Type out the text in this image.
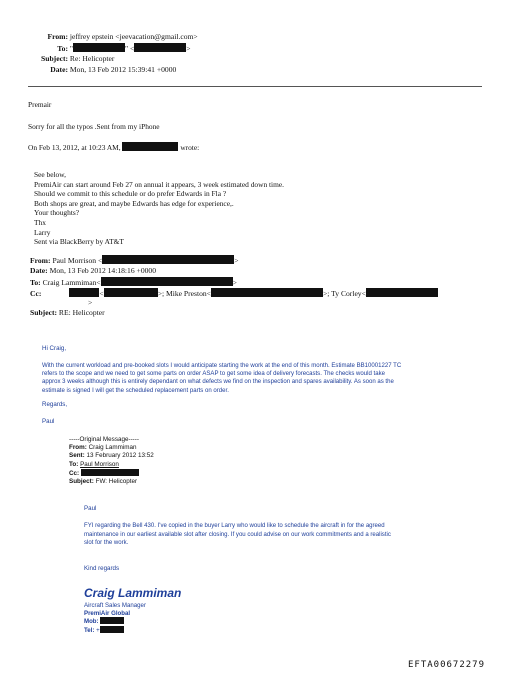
From: jeffrey epstein <jeevacation@gmail.com>
To: "	" <	>
Subject: Re: Helicopter
Date: Mon, 13 Feb 2012 15:39:41 +0000
Premair
Sorry for all the typos .Sent from my iPhone
On Feb 13, 2012, at 10:23 AM,	wrote:
See below,
PremiAir can start around Feb 27 on annual it appears, 3 week estimated down time.
Should we commit to this schedule or do prefer Edwards in Fla ?
Both shops are great, and maybe Edwards has edge for experience,.
Your thoughts?
Thx
Larry
Sent via BlackBerry by AT&T
From: Paul Morrison <	>
Date: Mon, 13 Feb 2012 14:18:16 +0000
To: Craig Lammiman<	>
Cc:	<	>; Mike Preston<	>; Ty Corley<
>
Subject: RE: Helicopter
Hi Craig,
With the current workload and pre-booked slots I would anticipate starting the work at the end of this month. Estimate BB10001227 TC
refers to the scope and we need to get some parts on order ASAP to get some idea of delivery forecasts. The checks would take
approx 3 weeks although this is entirely dependant on what defects we find on the inspection and spares availability. As soon as the
estimate is signed I will get the scheduled replacement parts on order.
Regards,
Paul
-----Original Message-----
From: Craig Lammiman
Sent: 13 February 2012 13:52
To: Paul Morrison
Cc:
Subject: FW: Helicopter
Paul
FYI regarding the Bell 430. I've copied in the buyer Larry who would like to schedule the aircraft in for the agreed
maintenance in our earliest available slot after closing. If you could advise on our work commitments and a realistic
slot for the work.
Kind regards
Craig Lammiman
Aircraft Sales Manager
PremiAir Global
Mob:
Tel: +
EFTA00672279
